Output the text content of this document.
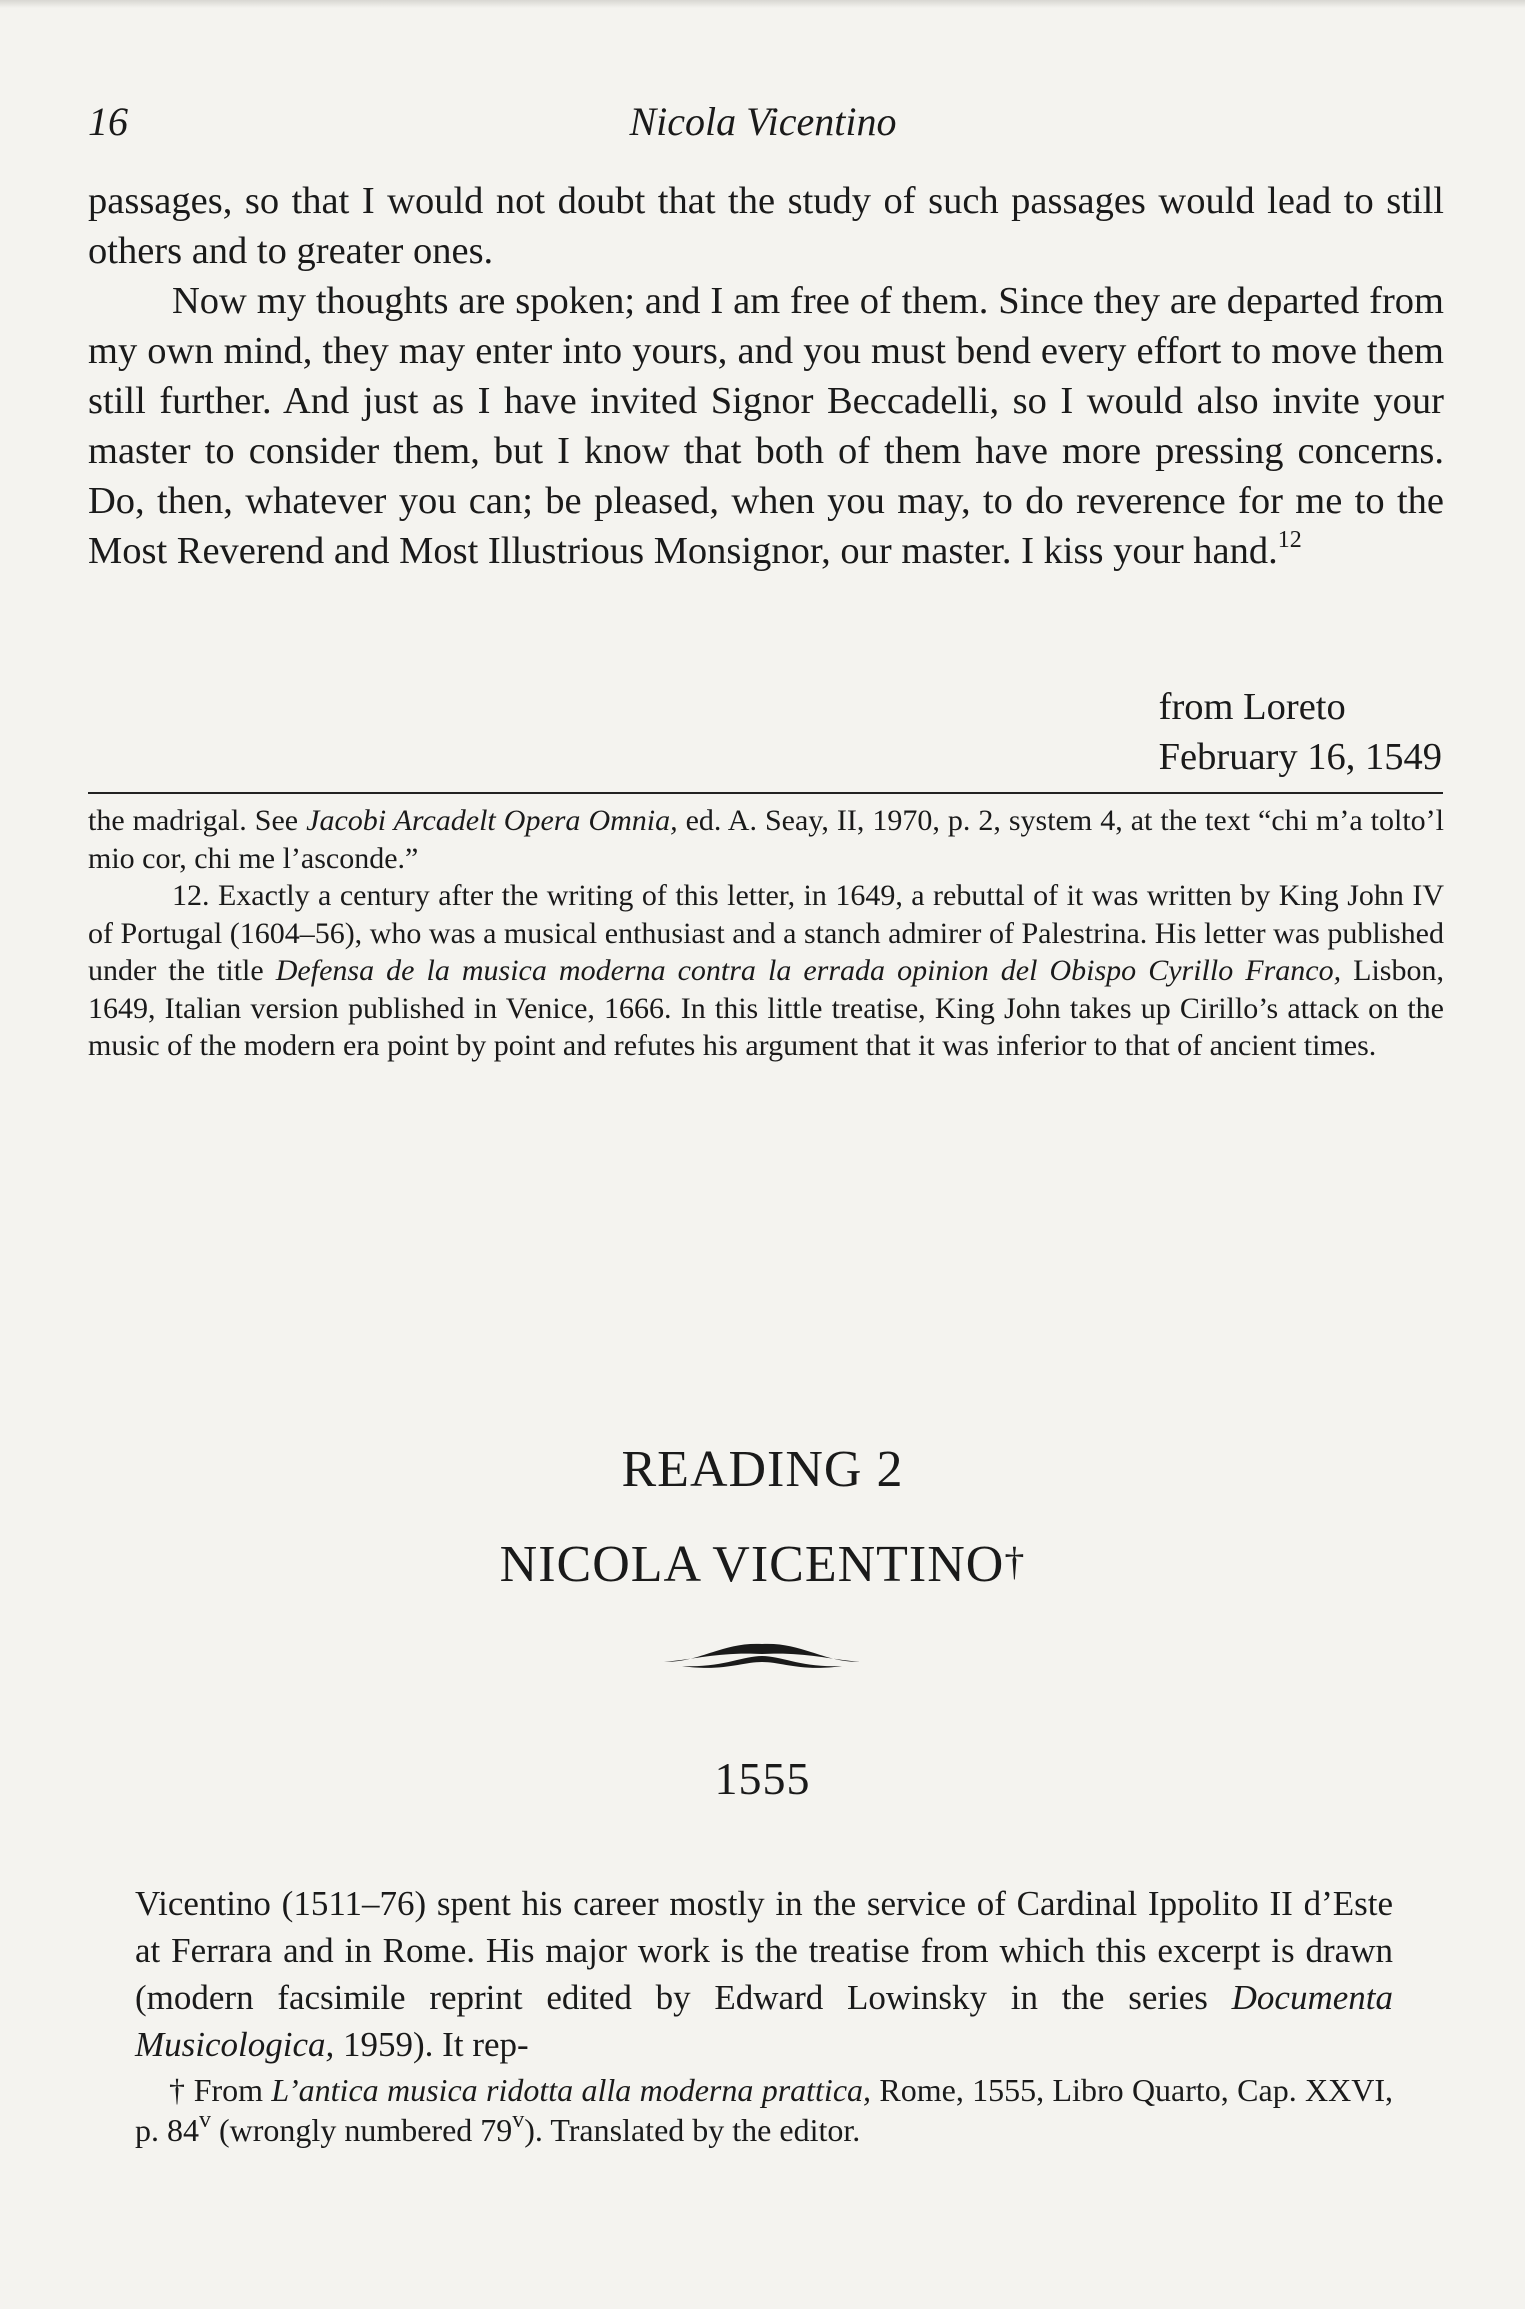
Nicola Vicentino
16

passages, so that I would not doubt that the study of such passages would lead to still others and to greater ones.

Now my thoughts are spoken; and I am free of them. Since they are departed from my own mind, they may enter into yours, and you must bend every effort to move them still further. And just as I have invited Signor Beccadelli, so I would also invite your master to consider them, but I know that both of them have more pressing concerns. Do, then, whatever you can; be pleased, when you may, to do reverence for me to the Most Reverend and Most Illustrious Monsignor, our master. I kiss your hand.$^{12}$

from Loreto
February 16, 1549

the madrigal. See Jacobi Arcadelt Opera Omnia, ed. A. Seay, II, 1970, p. 2, system 4, at the text “chi m’a tolto’l mio cor, chi me l’asconde.”

12. Exactly a century after the writing of this letter, in 1649, a rebuttal of it was written by King John IV of Portugal (1604–56), who was a musical enthusiast and a stanch admirer of Palestrina. His letter was published under the title Defensa de la musica moderna contra la errada opinion del Obispo Cyrillo Franco, Lisbon, 1649, Italian version published in Venice, 1666. In this little treatise, King John takes up Cirillo’s attack on the music of the modern era point by point and refutes his argument that it was inferior to that of ancient times.

READING 2
NICOLA VICENTINO†
1555

Vicentino (1511–76) spent his career mostly in the service of Cardinal Ippolito II d’Este at Ferrara and in Rome. His major work is the treatise from which this excerpt is drawn (modern facsimile reprint edited by Edward Lowinsky in the series Documenta Musicologica, 1959). It rep-

† From L’antica musica ridotta alla moderna prattica, Rome, 1555, Libro Quarto, Cap. XXVI, p. 84$^v$ (wrongly numbered 79$^v$). Translated by the editor.
